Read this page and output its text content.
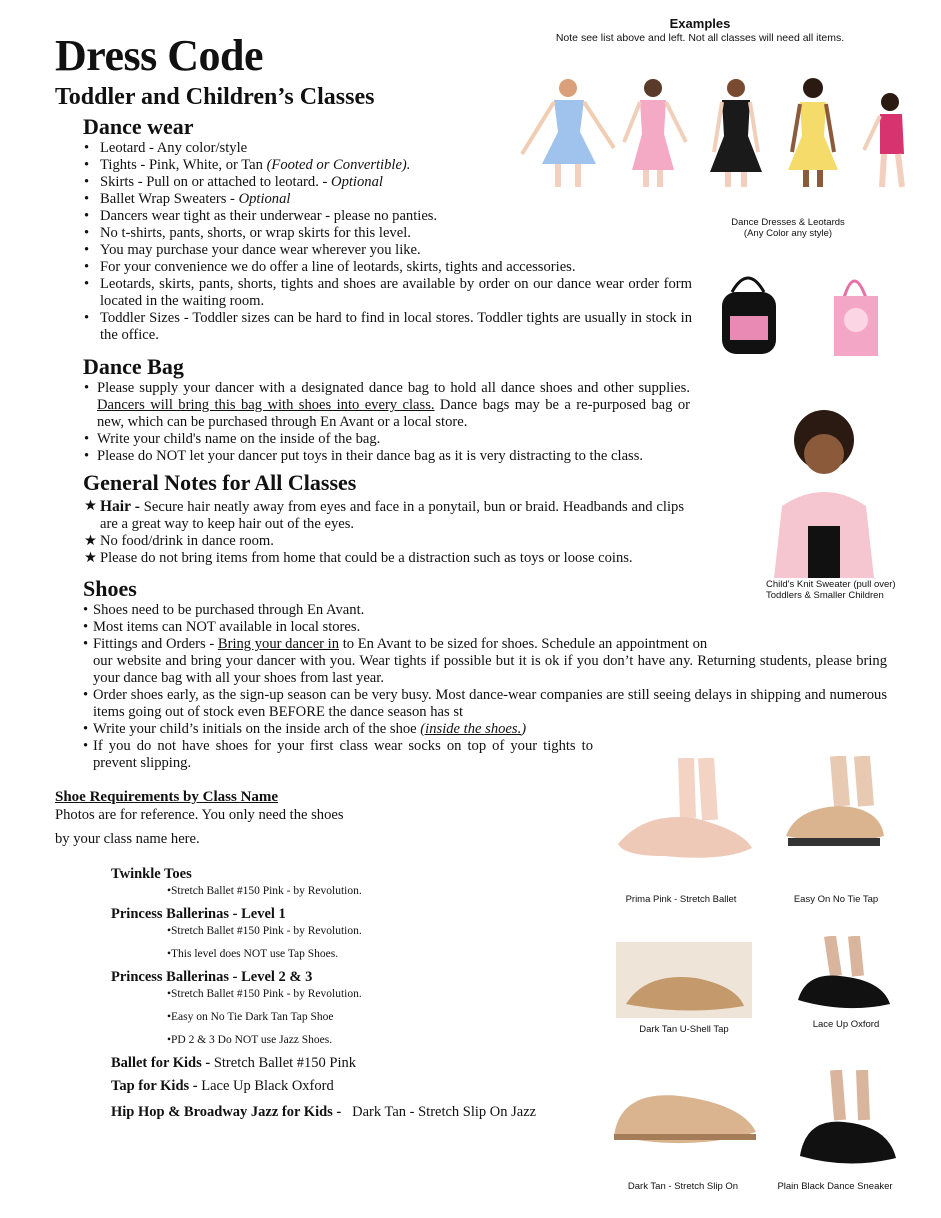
Dress Code
Toddler and Children’s Classes
Examples
Note see list above and left. Not all classes will need all items.
Dance wear
• Leotard - Any color/style
• Tights - Pink, White, or Tan (Footed or Convertible).
• Skirts - Pull on or attached to leotard. - Optional
• Ballet Wrap Sweaters - Optional
• Dancers wear tight as their underwear - please no panties.
• No t-shirts, pants, shorts, or wrap skirts for this level.
• You may purchase your dance wear wherever you like.
• For your convenience we do offer a line of leotards, skirts, tights and accessories.
• Leotards, skirts, pants, shorts, tights and shoes are available by order on our dance wear order form located in the waiting room.
• Toddler Sizes - Toddler sizes can be hard to find in local stores. Toddler tights are usually in stock in the office.
Dance Bag
• Please supply your dancer with a designated dance bag to hold all dance shoes and other supplies. Dancers will bring this bag with shoes into every class. Dance bags may be a re-purposed bag or new, which can be purchased through En Avant or a local store.
• Write your child's name on the inside of the bag.
• Please do NOT let your dancer put toys in their dance bag as it is very distracting to the class.
General Notes for All Classes
★ Hair - Secure hair neatly away from eyes and face in a ponytail, bun or braid. Headbands and clips are a great way to keep hair out of the eyes.
★ No food/drink in dance room.
★ Please do not bring items from home that could be a distraction such as toys or loose coins.
Shoes
• Shoes need to be purchased through En Avant.
• Most items can NOT available in local stores.
• Fittings and Orders - Bring your dancer in to En Avant to be sized for shoes. Schedule an appointment on
our website and bring your dancer with you. Wear tights if possible but it is ok if you don’t have any. Returning students, please bring your dance bag with all your shoes from last year.
• Order shoes early, as the sign-up season can be very busy. Most dance-wear companies are still seeing delays in shipping and numerous items going out of stock even BEFORE the dance season has st
• Write your child’s initials on the inside arch of the shoe (inside the shoes.)
• If you do not have shoes for your first class wear socks on top of your tights to prevent slipping.
Shoe Requirements by Class Name
Photos are for reference. You only need the shoes
by your class name here.
Twinkle Toes
•Stretch Ballet #150 Pink - by Revolution.
Princess Ballerinas - Level 1
•Stretch Ballet #150 Pink - by Revolution.
•This level does NOT use Tap Shoes.
Princess Ballerinas - Level 2 & 3
•Stretch Ballet #150 Pink - by Revolution.
•Easy on No Tie Dark Tan Tap Shoe
•PD 2 & 3 Do NOT use Jazz Shoes.
Ballet for Kids - Stretch Ballet #150 Pink
Tap for Kids - Lace Up Black Oxford
Hip Hop & Broadway Jazz for Kids -   Dark Tan - Stretch Slip On Jazz
Dance Dresses & Leotards
(Any Color any style)
Child's Knit Sweater (pull over)
Toddlers & Smaller Children
Prima Pink - Stretch Ballet	Easy On No Tie Tap
Dark Tan U-Shell Tap	Lace Up Oxford
Dark Tan - Stretch Slip On	Plain Black Dance Sneaker
